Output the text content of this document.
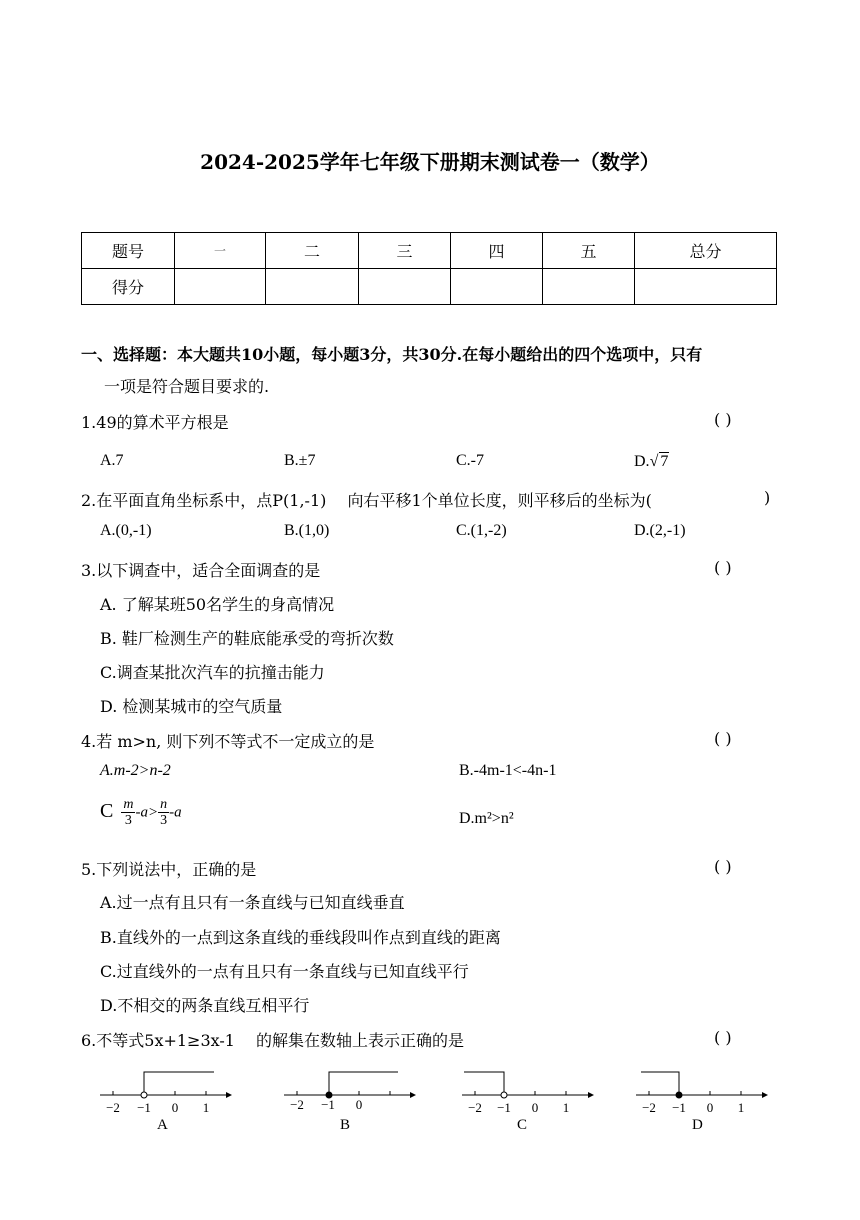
2024-2025学年七年级下册期末测试卷一（数学）
题号	一	二	三	四	五	总分
得分						
一、选择题：本大题共10小题，每小题3分，共30分.在每小题给出的四个选项中，只有
一项是符合题目要求的.
1.49的算术平方根是	( )
A.7	B.±7	C.-7	D.√ 7
2.在平面直角坐标系中，点P(1,-1)　 向右平移1个单位长度，则平移后的坐标为(	)
A.(0,-1)	B.(1,0)	C.(1,-2)	D.(2,-1)
3.以下调查中，适合全面调查的是	( )
A. 了解某班50名学生的身高情况
B. 鞋厂检测生产的鞋底能承受的弯折次数
C.调查某批次汽车的抗撞击能力
D. 检测某城市的空气质量
4.若 m>n, 则下列不等式不一定成立的是	( )
A.m-2>n-2	B.-4m-1<-4n-1
C $\frac{m}{3} -a> \frac{n}{3} -a$	D.m²>n²
5.下列说法中，正确的是	( )
A.过一点有且只有一条直线与已知直线垂直
B.直线外的一点到这条直线的垂线段叫作点到直线的距离
C.过直线外的一点有且只有一条直线与已知直线平行
D.不相交的两条直线互相平行
6.不等式5x+1≥3x-1　 的解集在数轴上表示正确的是	( )
−2 −1 0 1
A
−2 −1 0
B
−2 −1 0 1
C
−2 −1 0 1
D
